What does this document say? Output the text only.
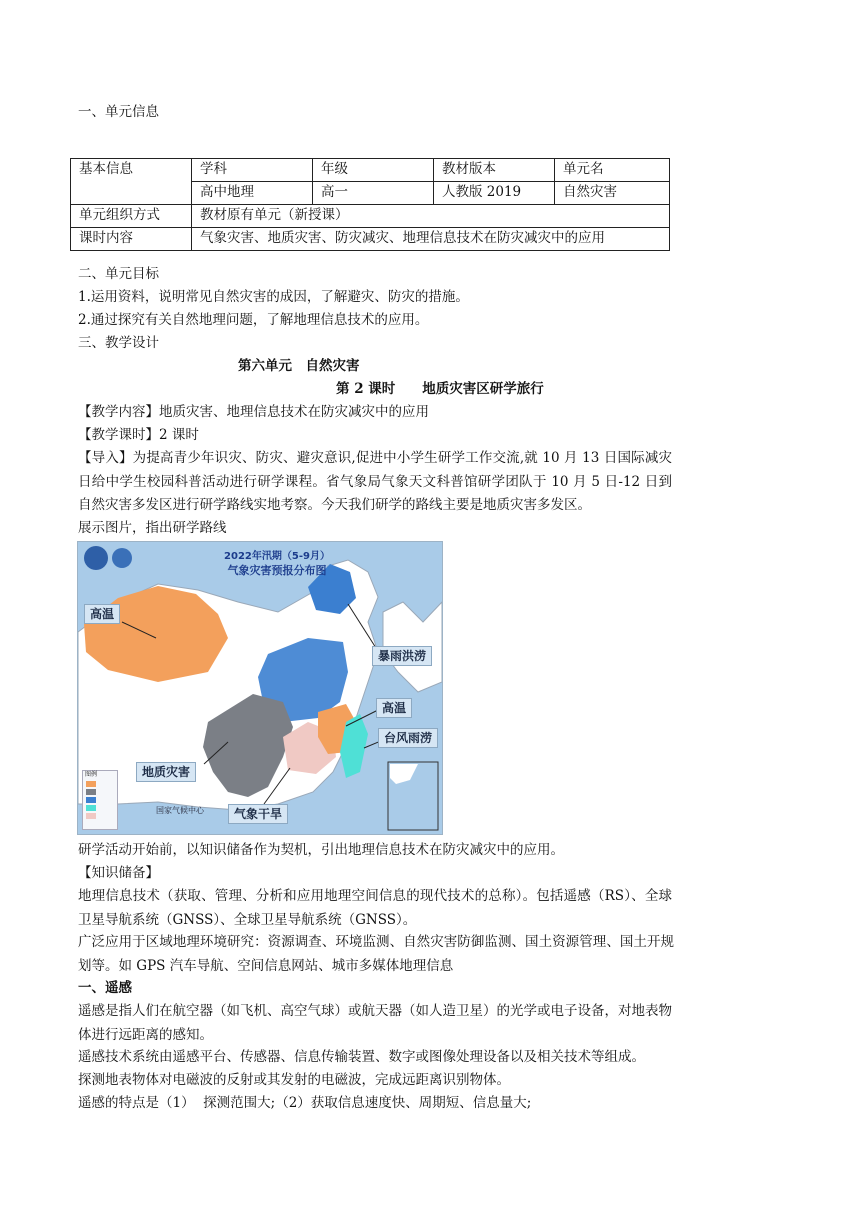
一、单元信息
基本信息	学科	年级	教材版本	单元名
	高中地理	高一	人教版 2019	自然灾害
单元组织方式	教材原有单元（新授课）			
课时内容	气象灾害、地质灾害、防灾减灾、地理信息技术在防灾减灾中的应用			
二、单元目标
1.运用资料，说明常见自然灾害的成因，了解避灾、防灾的措施。
2.通过探究有关自然地理问题，了解地理信息技术的应用。
三、教学设计
第六单元　自然灾害
第 2 课时　　地质灾害区研学旅行
【教学内容】地质灾害、地理信息技术在防灾减灾中的应用
【教学课时】2 课时

【导入】为提高青少年识灾、防灾、避灾意识,促进中小学生研学工作交流,就 10 月 13 日国际减灾日给中学生校园科普活动进行研学课程。省气象局气象天文科普馆研学团队于 10 月 5 日-12 日到自然灾害多发区进行研学路线实地考察。今天我们研学的路线主要是地质灾害多发区。

展示图片，指出研学路线
2022年汛期（5-9月）
气象灾害预报分布图
高温
暴雨洪涝
高温
台风雨涝
地质灾害
气象干旱
图例
国家气候中心
研学活动开始前，以知识储备作为契机，引出地理信息技术在防灾减灾中的应用。
【知识储备】

地理信息技术（获取、管理、分析和应用地理空间信息的现代技术的总称）。包括遥感（RS）、全球卫星导航系统（GNSS）、全球卫星导航系统（GNSS）。

广泛应用于区域地理环境研究：资源调查、环境监测、自然灾害防御监测、国土资源管理、国土开规划等。如 GPS 汽车导航、空间信息网站、城市多媒体地理信息

一、遥感

遥感是指人们在航空器（如飞机、高空气球）或航天器（如人造卫星）的光学或电子设备，对地表物体进行远距离的感知。

遥感技术系统由遥感平台、传感器、信息传输装置、数字或图像处理设备以及相关技术等组成。
探测地表物体对电磁波的反射或其发射的电磁波，完成远距离识别物体。
遥感的特点是（1）  探测范围大;（2）获取信息速度快、周期短、信息量大;
